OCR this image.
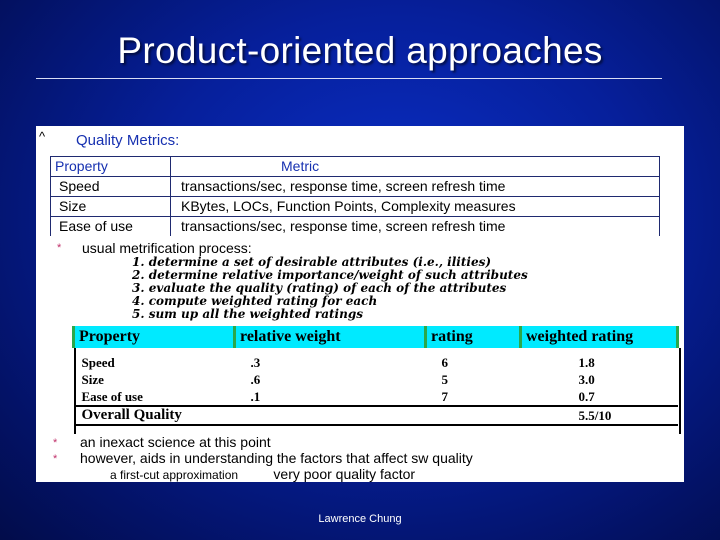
Product-oriented approaches
^ Quality Metrics:
Property	Metric
Speed	transactions/sec, response time, screen refresh time
Size	KBytes, LOCs, Function Points, Complexity measures
Ease of use	transactions/sec, response time, screen refresh time
* usual metrification process:
1. determine a set of desirable attributes (i.e., ilities)
2. determine relative importance/weight of such attributes
3. evaluate the quality (rating) of each of the attributes
4. compute weighted rating for each
5. sum up all the weighted ratings
Property	relative weight	rating	weighted rating
Speed	.3	6	1.8
Size	.6	5	3.0
Ease of use	.1	7	0.7
Overall Quality			5.5/10
* an inexact science at this point
* however, aids in understanding the factors that affect sw quality
a first-cut approximation	very poor quality factor
Lawrence Chung
